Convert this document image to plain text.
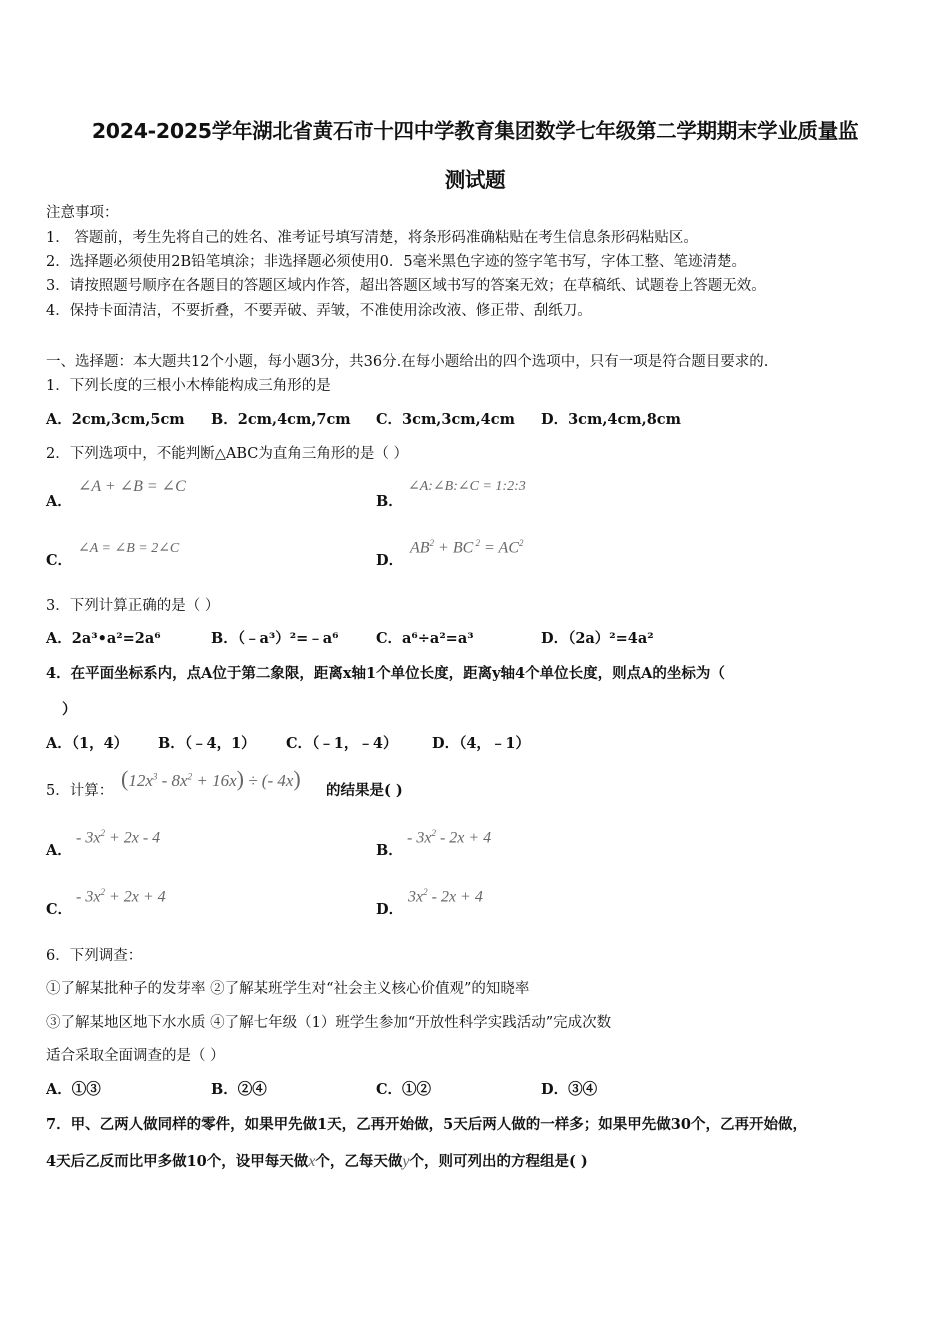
2024-2025学年湖北省黄石市十四中学教育集团数学七年级第二学期期末学业质量监
测试题
注意事项：
1． 答题前，考生先将自己的姓名、准考证号填写清楚，将条形码准确粘贴在考生信息条形码粘贴区。
2．选择题必须使用2B铅笔填涂；非选择题必须使用0．5毫米黑色字迹的签字笔书写，字体工整、笔迹清楚。
3．请按照题号顺序在各题目的答题区域内作答，超出答题区域书写的答案无效；在草稿纸、试题卷上答题无效。
4．保持卡面清洁，不要折叠，不要弄破、弄皱，不准使用涂改液、修正带、刮纸刀。
一、选择题：本大题共12个小题，每小题3分，共36分.在每小题给出的四个选项中，只有一项是符合题目要求的.
1．下列长度的三根小木棒能构成三角形的是
A．2cm,3cm,5cm B．2cm,4cm,7cm C．3cm,3cm,4cm D．3cm,4cm,8cm
2．下列选项中，不能判断△ABC为直角三角形的是（ ）
A．
∠A + ∠B = ∠C
B．
∠A:∠B:∠C = 1:2:3
C．
∠A = ∠B = 2∠C
D．
$AB^2$ + BC $^2 = AC^2$
3．下列计算正确的是（ ）
A．2a³•a²=2a⁶	B．（﹣a³）²=﹣a⁶	C．a⁶÷a²=a³	D．（2a）²=4a²
4．在平面坐标系内，点A位于第二象限，距离x轴1个单位长度，距离y轴4个单位长度，则点A的坐标为（
）
A．（1，4） B．（﹣4，1） C．（﹣1，﹣4） D．（4，﹣1）
5．计算： $(12x^3 - 8x^2 + 16x)$ ÷ (- 4x) 的结果是( )
A．
- $3x^2 + 2x - 4$
B．
- $3x^2 - 2x + 4$
C．
- $3x^2 + 2x + 4$
D．
$3x^2 - 2x + 4$
6．下列调查：
①了解某批种子的发芽率 ②了解某班学生对“社会主义核心价值观”的知晓率
③了解某地区地下水水质 ④了解七年级（1）班学生参加“开放性科学实践活动”完成次数
适合采取全面调查的是（ ）
A．①③	B．②④	C．①②	D．③④
7．甲、乙两人做同样的零件，如果甲先做1天，乙再开始做，5天后两人做的一样多；如果甲先做30个，乙再开始做，
4天后乙反而比甲多做10个，设甲每天做x个，乙每天做y个，则可列出的方程组是( )
